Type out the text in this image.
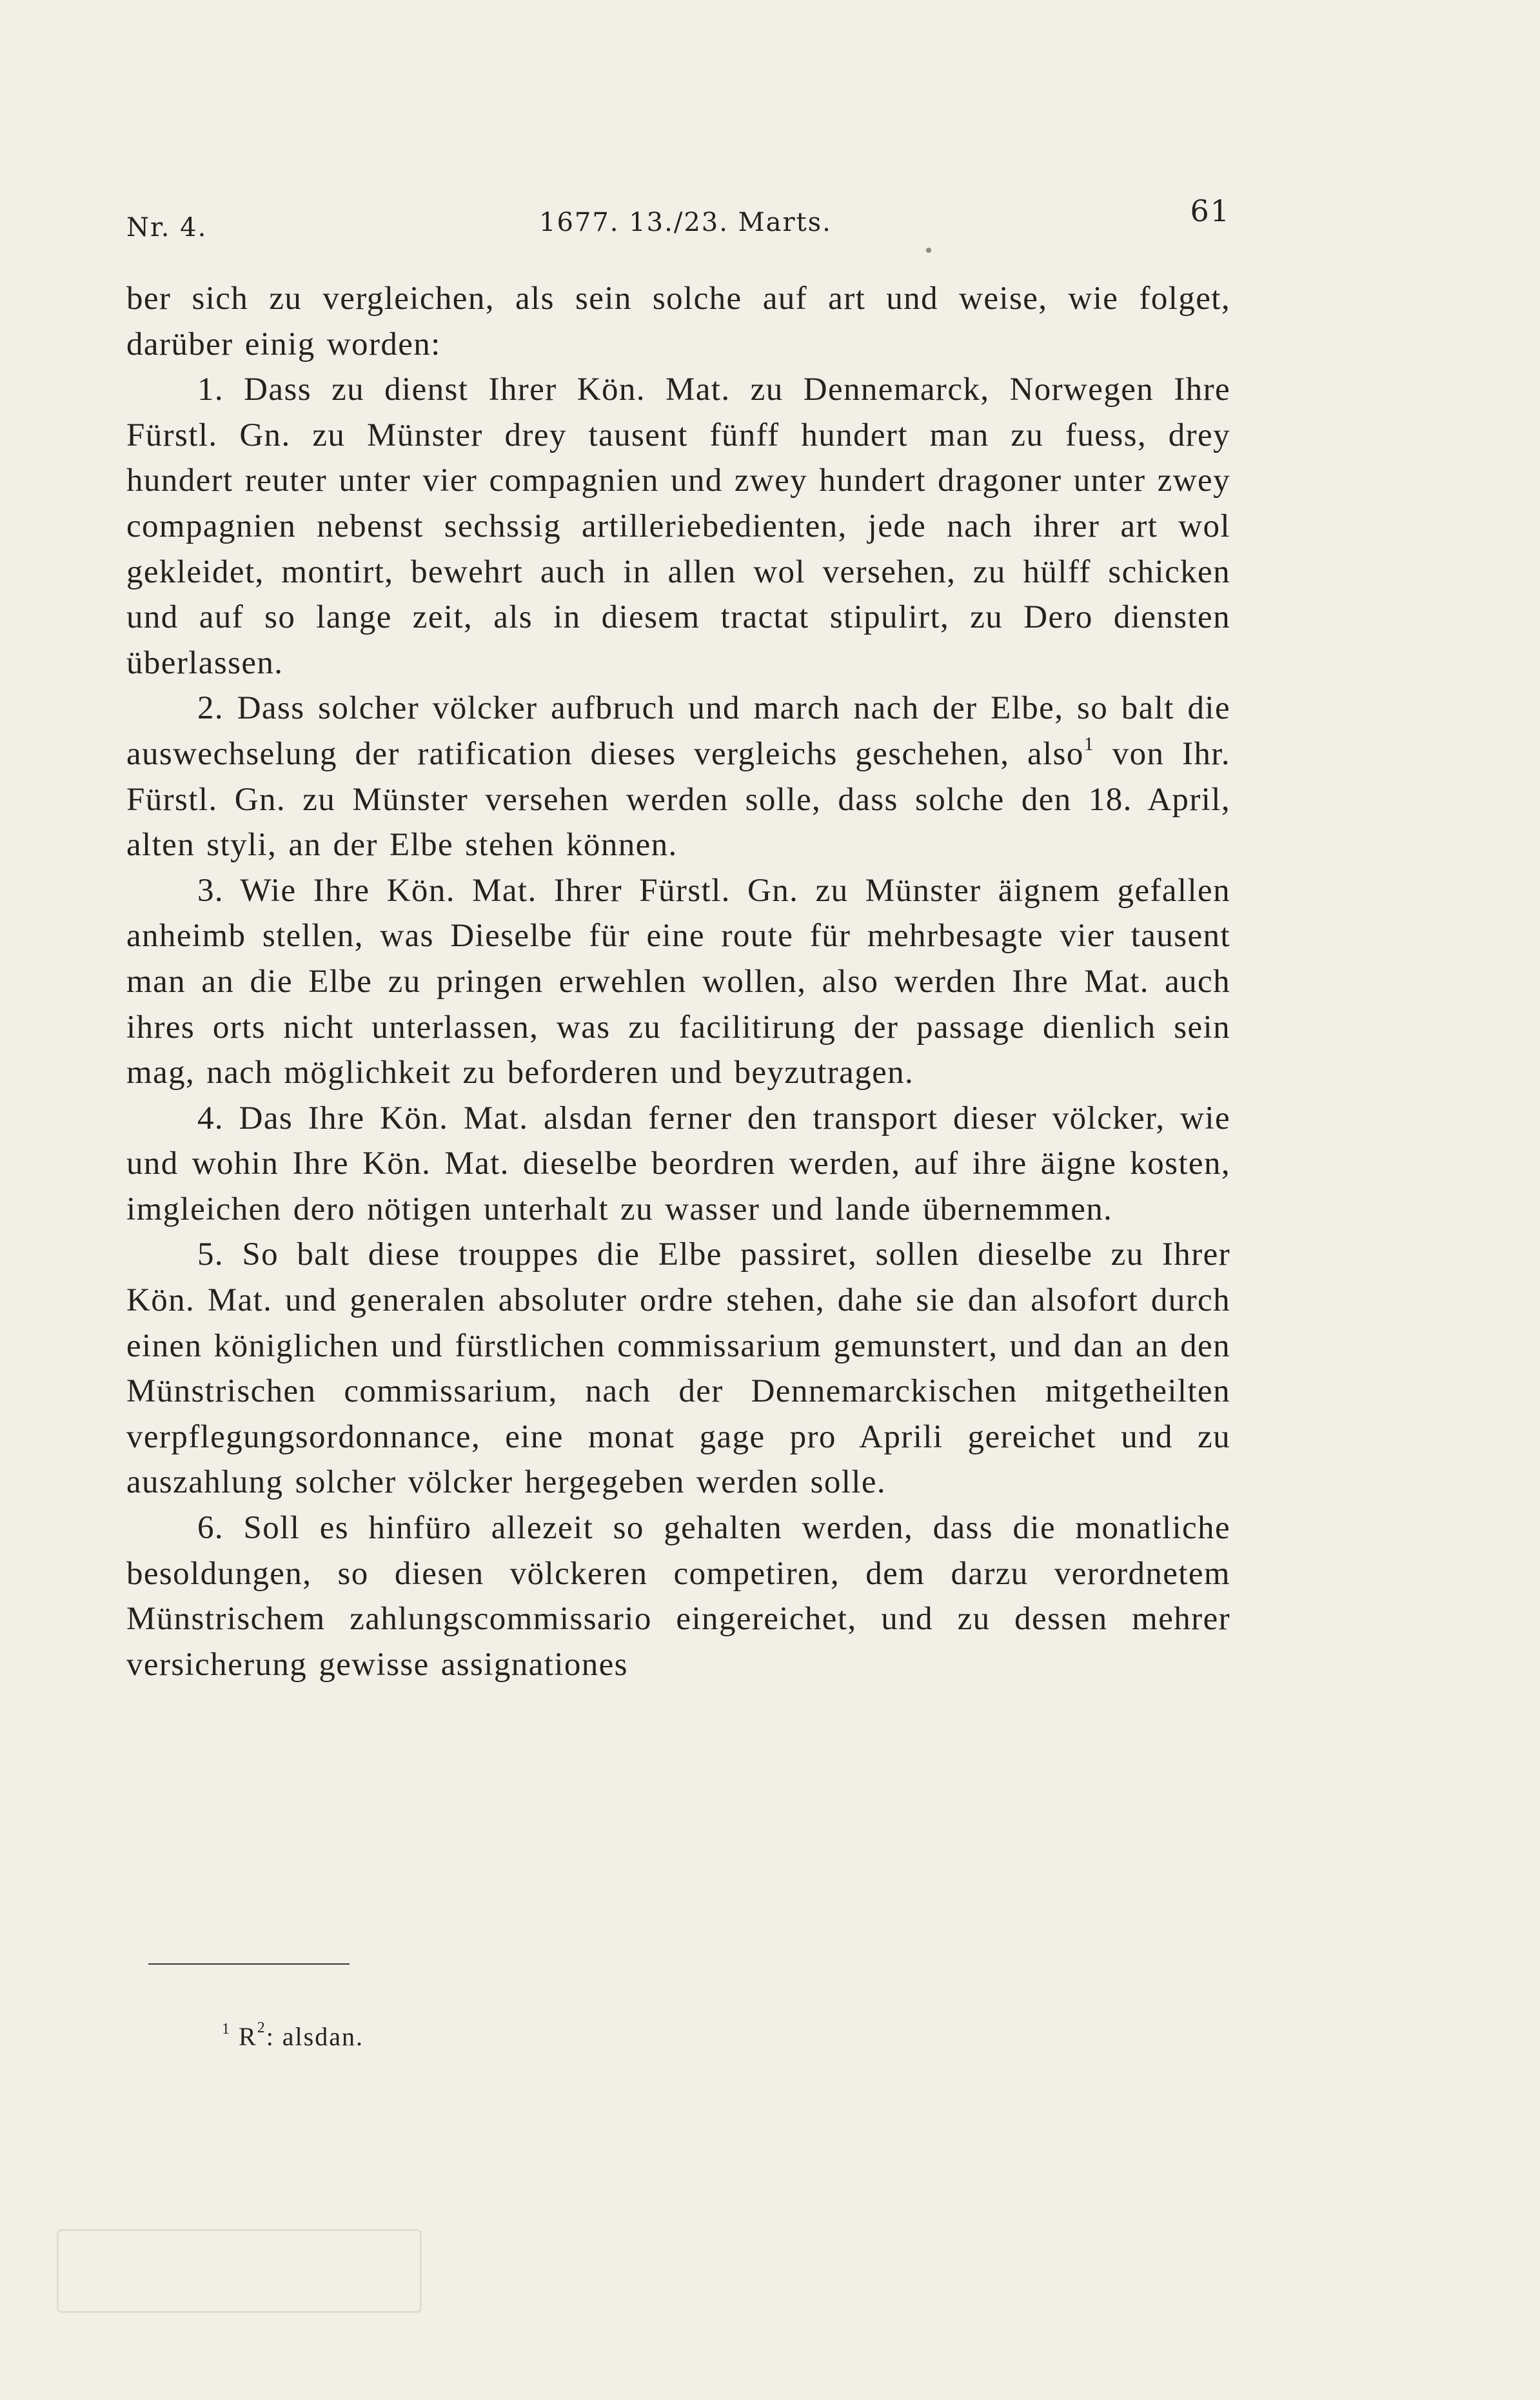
Nr. 4.	1677. 13./23. Marts.	61

ber sich zu vergleichen, als sein solche auf art und weise, wie folget, darüber einig worden:

1. Dass zu dienst Ihrer Kön. Mat. zu Dennemarck, Norwegen Ihre Fürstl. Gn. zu Münster drey tausent fünff hundert man zu fuess, drey hundert reuter unter vier compagnien und zwey hundert dragoner unter zwey compagnien nebenst sechssig artilleriebedienten, jede nach ihrer art wol gekleidet, montirt, bewehrt auch in allen wol versehen, zu hülff schicken und auf so lange zeit, als in diesem tractat stipulirt, zu Dero diensten überlassen.

2. Dass solcher völcker aufbruch und march nach der Elbe, so balt die auswechselung der ratification dieses vergleichs geschehen, also$^1$ von Ihr. Fürstl. Gn. zu Münster versehen werden solle, dass solche den 18. April, alten styli, an der Elbe stehen können.

3. Wie Ihre Kön. Mat. Ihrer Fürstl. Gn. zu Münster äignem gefallen anheimb stellen, was Dieselbe für eine route für mehrbesagte vier tausent man an die Elbe zu pringen erwehlen wollen, also werden Ihre Mat. auch ihres orts nicht unterlassen, was zu facilitirung der passage dienlich sein mag, nach möglichkeit zu beforderen und beyzutragen.

4. Das Ihre Kön. Mat. alsdan ferner den transport dieser völcker, wie und wohin Ihre Kön. Mat. dieselbe beordren werden, auf ihre äigne kosten, imgleichen dero nötigen unterhalt zu wasser und lande übernemmen.

5. So balt diese trouppes die Elbe passiret, sollen dieselbe zu Ihrer Kön. Mat. und generalen absoluter ordre stehen, dahe sie dan alsofort durch einen königlichen und fürstlichen commissarium gemunstert, und dan an den Münstrischen commissarium, nach der Dennemarckischen mitgetheilten verpflegungsordonnance, eine monat gage pro Aprili gereichet und zu auszahlung solcher völcker hergegeben werden solle.

6. Soll es hinfüro allezeit so gehalten werden, dass die monatliche besoldungen, so diesen völckeren competiren, dem darzu verordnetem Münstrischem zahlungscommissario eingereichet, und zu dessen mehrer versicherung gewisse assignationes

$^1$ R$^2$: alsdan.
